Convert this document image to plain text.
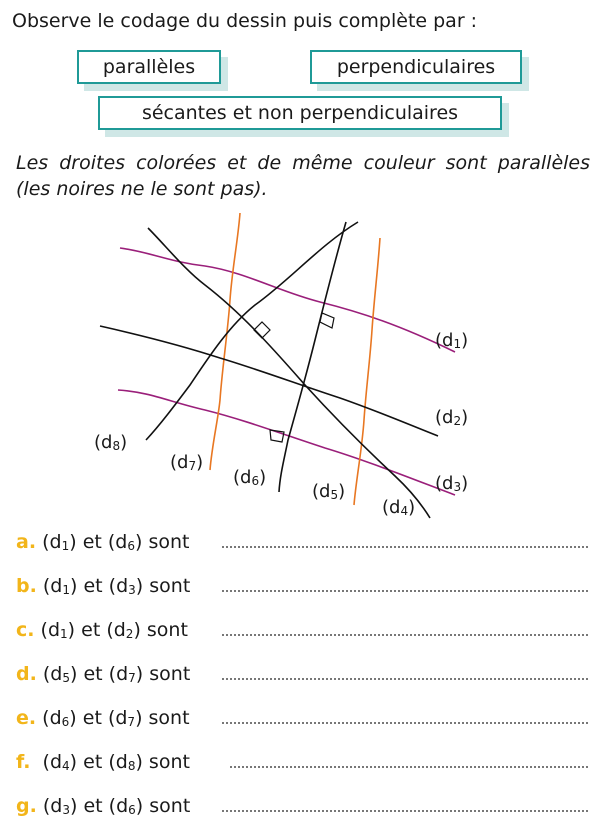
Observe le codage du dessin puis complète par :
parallèles	perpendiculaires
sécantes et non perpendiculaires
Les droites colorées et de même couleur sont parallèles (les noires ne le sont pas).
$(d_1)$
$(d_2)$
$(d_3)$
$(d_4)$
$(d_5)$
$(d_6)$
$(d_7)$
$(d_8)$
a. $(d_1)$ et $(d_6)$ sont
b. $(d_1)$ et $(d_3)$ sont
c. $(d_1)$ et $(d_2)$ sont
d. $(d_5)$ et $(d_7)$ sont
e. $(d_6)$ et $(d_7)$ sont
f. $(d_4)$ et $(d_8)$ sont
g. $(d_3)$ et $(d_6)$ sont
